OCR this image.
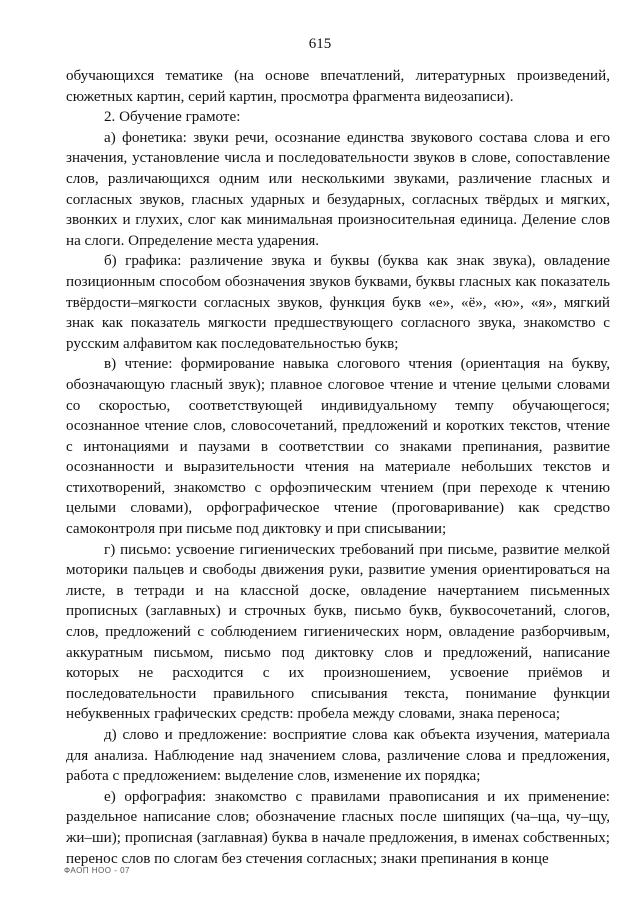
615

обучающихся тематике (на основе впечатлений, литературных произведений, сюжетных картин, серий картин, просмотра фрагмента видеозаписи).

2. Обучение грамоте:

а) фонетика: звуки речи, осознание единства звукового состава слова и его значения, установление числа и последовательности звуков в слове, сопоставление слов, различающихся одним или несколькими звуками, различение гласных и согласных звуков, гласных ударных и безударных, согласных твёрдых и мягких, звонких и глухих, слог как минимальная произносительная единица. Деление слов на слоги. Определение места ударения.

б) графика: различение звука и буквы (буква как знак звука), овладение позиционным способом обозначения звуков буквами, буквы гласных как показатель твёрдости–мягкости согласных звуков, функция букв «е», «ё», «ю», «я», мягкий знак как показатель мягкости предшествующего согласного звука, знакомство с русским алфавитом как последовательностью букв;

в) чтение: формирование навыка слогового чтения (ориентация на букву, обозначающую гласный звук); плавное слоговое чтение и чтение целыми словами со скоростью, соответствующей индивидуальному темпу обучающегося; осознанное чтение слов, словосочетаний, предложений и коротких текстов, чтение с интонациями и паузами в соответствии со знаками препинания, развитие осознанности и выразительности чтения на материале небольших текстов и стихотворений, знакомство с орфоэпическим чтением (при переходе к чтению целыми словами), орфографическое чтение (проговаривание) как средство самоконтроля при письме под диктовку и при списывании;

г) письмо: усвоение гигиенических требований при письме, развитие мелкой моторики пальцев и свободы движения руки, развитие умения ориентироваться на листе, в тетради и на классной доске, овладение начертанием письменных прописных (заглавных) и строчных букв, письмо букв, буквосочетаний, слогов, слов, предложений с соблюдением гигиенических норм, овладение разборчивым, аккуратным письмом, письмо под диктовку слов и предложений, написание которых не расходится с их произношением, усвоение приёмов и последовательности правильного списывания текста, понимание функции небуквенных графических средств: пробела между словами, знака переноса;

д) слово и предложение: восприятие слова как объекта изучения, материала для анализа. Наблюдение над значением слова, различение слова и предложения, работа с предложением: выделение слов, изменение их порядка;

е) орфография: знакомство с правилами правописания и их применение: раздельное написание слов; обозначение гласных после шипящих (ча–ща, чу–щу, жи–ши); прописная (заглавная) буква в начале предложения, в именах собственных; перенос слов по слогам без стечения согласных; знаки препинания в конце

ФАОП НОО - 07
